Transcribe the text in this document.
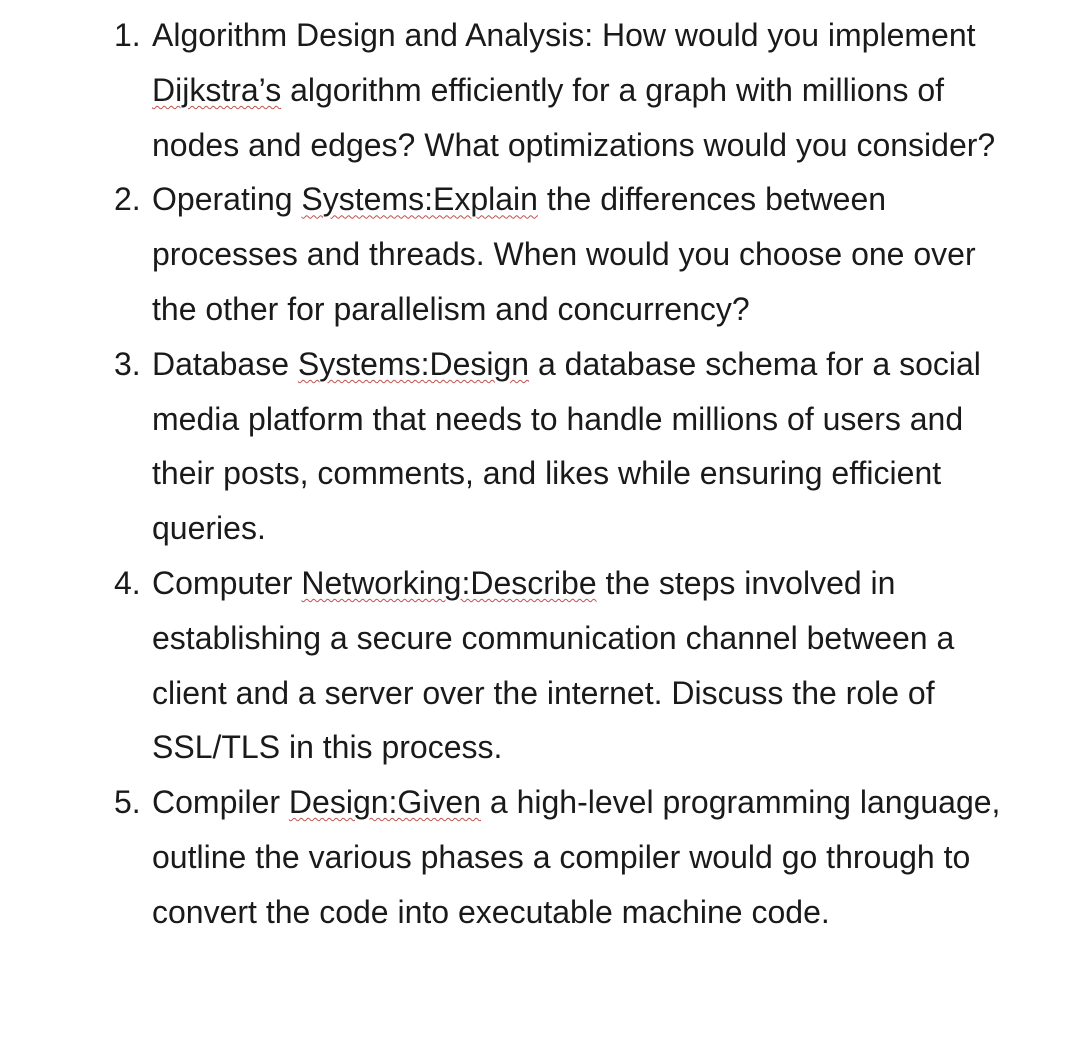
1. Algorithm Design and Analysis: How would you implement Dijkstra’s algorithm efficiently for a graph with millions of nodes and edges? What optimizations would you consider?
2. Operating Systems:Explain the differences between processes and threads. When would you choose one over the other for parallelism and concurrency?
3. Database Systems:Design a database schema for a social media platform that needs to handle millions of users and their posts, comments, and likes while ensuring efficient queries.
4. Computer Networking:Describe the steps involved in establishing a secure communication channel between a client and a server over the internet. Discuss the role of SSL/TLS in this process.
5. Compiler Design:Given a high-level programming language, outline the various phases a compiler would go through to convert the code into executable machine code.
